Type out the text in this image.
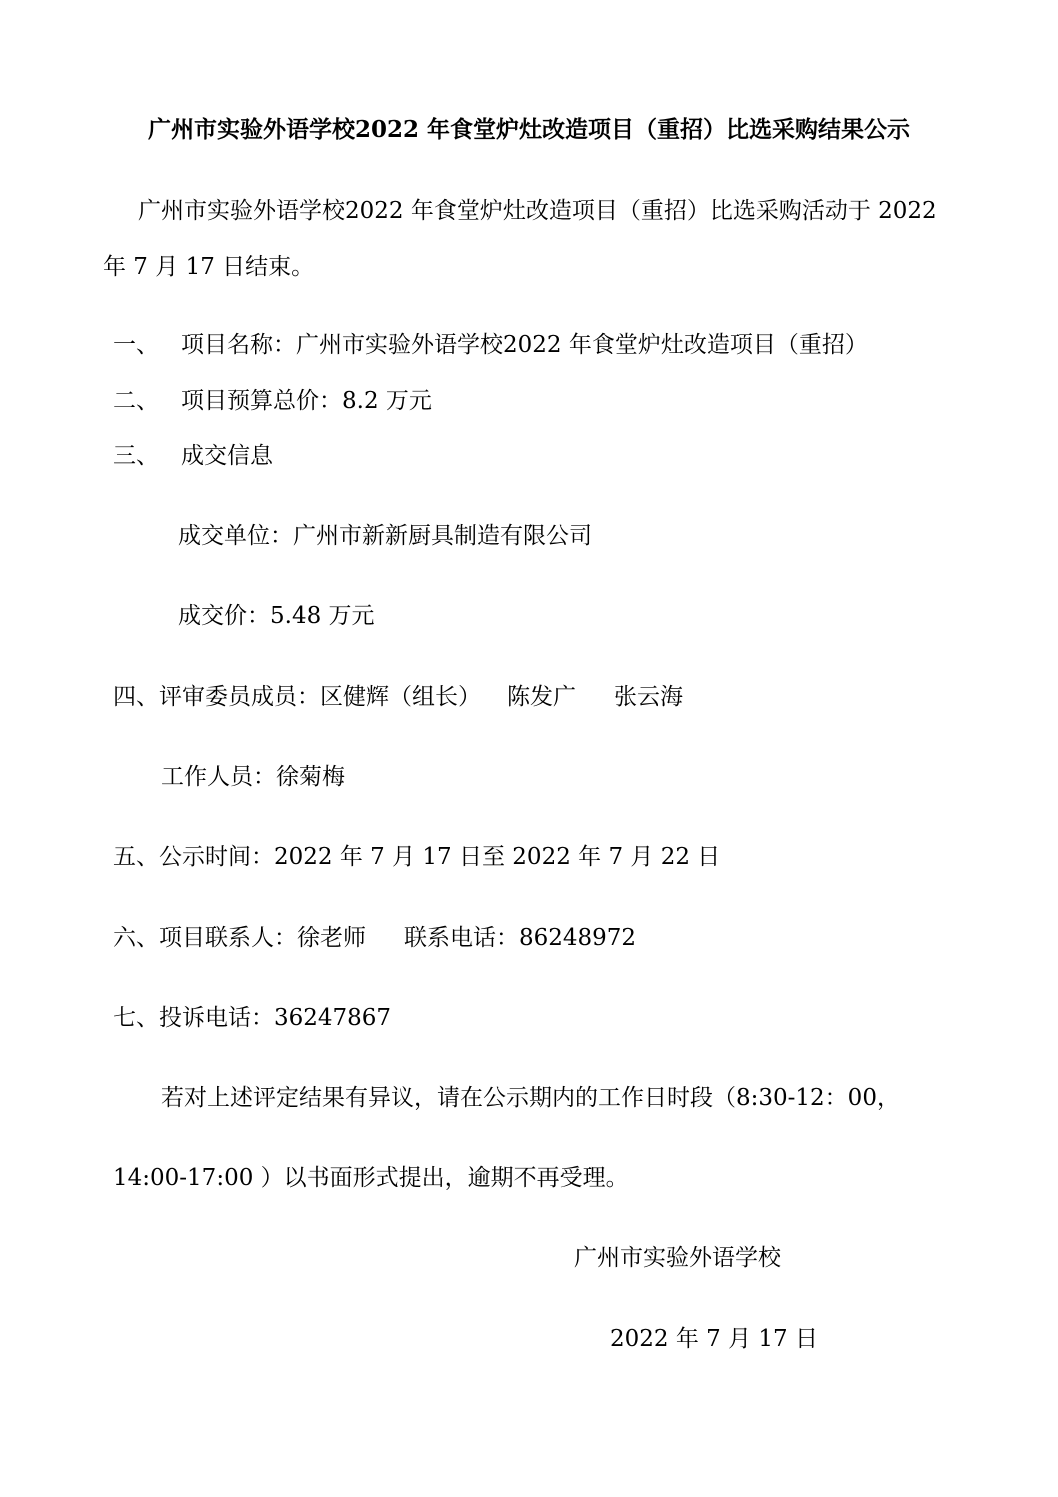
广州市实验外语学校2022 年食堂炉灶改造项目（重招）比选采购结果公示
广州市实验外语学校2022 年食堂炉灶改造项目（重招）比选采购活动于 2022
年 7 月 17 日结束。
一、 项目名称：广州市实验外语学校2022 年食堂炉灶改造项目（重招）
二、 项目预算总价：8.2 万元
三、 成交信息
成交单位：广州市新新厨具制造有限公司
成交价：5.48 万元
四、评审委员成员：区健辉（组长） 陈发广 张云海
工作人员：徐菊梅
五、公示时间：2022 年 7 月 17 日至 2022 年 7 月 22 日
六、项目联系人：徐老师 联系电话：86248972
七、投诉电话：36247867
若对上述评定结果有异议，请在公示期内的工作日时段（8:30-12：00，
14:00-17:00 ）以书面形式提出，逾期不再受理。
广州市实验外语学校
2022 年 7 月 17 日
